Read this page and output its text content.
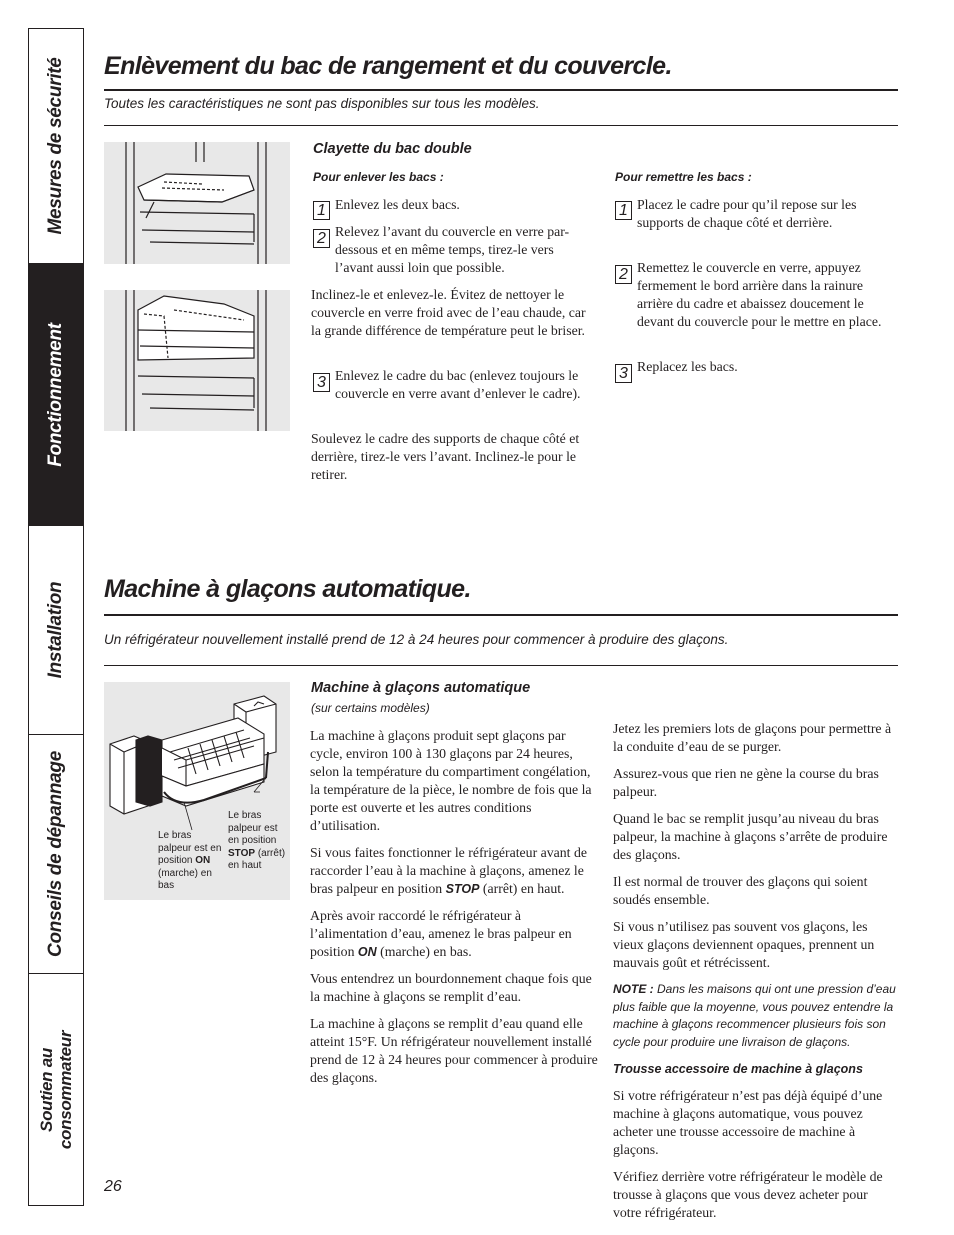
Mesures de sécurité
Fonctionnement
Installation
Conseils de dépannage
Soutien au
consommateur
Enlèvement du bac de rangement et du couvercle.
Toutes les caractéristiques ne sont pas disponibles sur tous les modèles.
Clayette du bac double
Pour enlever les bacs :
1 Enlevez les deux bacs.
2 Relevez l’avant du couvercle en verre par-dessous et en même temps, tirez-le vers l’avant aussi loin que possible.

Inclinez-le et enlevez-le. Évitez de nettoyer le couvercle en verre froid avec de l’eau chaude, car la grande différence de température peut le briser.

3 Enlevez le cadre du bac (enlevez toujours le couvercle en verre avant d’enlever le cadre).

Soulevez le cadre des supports de chaque côté et derrière, tirez-le vers l’avant. Inclinez-le pour le retirer.

Pour remettre les bacs :
1 Placez le cadre pour qu’il repose sur les supports de chaque côté et derrière.
2 Remettez le couvercle en verre, appuyez fermement le bord arrière dans la rainure arrière du cadre et abaissez doucement le devant du couvercle pour le mettre en place.
3 Replacez les bacs.
Machine à glaçons automatique.
Un réfrigérateur nouvellement installé prend de 12 à 24 heures pour commencer à produire des glaçons.
Le bras palpeur est en position ON (marche) en bas
Le bras palpeur est en position STOP (arrêt) en haut
Machine à glaçons automatique
(sur certains modèles)

La machine à glaçons produit sept glaçons par cycle, environ 100 à 130 glaçons par 24 heures, selon la température du compartiment congélation, la température de la pièce, le nombre de fois que la porte est ouverte et les autres conditions d’utilisation.

Si vous faites fonctionner le réfrigérateur avant de raccorder l’eau à la machine à glaçons, amenez le bras palpeur en position STOP (arrêt) en haut.

Après avoir raccordé le réfrigérateur à l’alimentation d’eau, amenez le bras palpeur en position ON (marche) en bas.

Vous entendrez un bourdonnement chaque fois que la machine à glaçons se remplit d’eau.

La machine à glaçons se remplit d’eau quand elle atteint 15°F. Un réfrigérateur nouvellement installé prend de 12 à 24 heures pour commencer à produire des glaçons.

Jetez les premiers lots de glaçons pour permettre à la conduite d’eau de se purger.

Assurez-vous que rien ne gène la course du bras palpeur.

Quand le bac se remplit jusqu’au niveau du bras palpeur, la machine à glaçons s’arrête de produire des glaçons.

Il est normal de trouver des glaçons qui soient soudés ensemble.

Si vous n’utilisez pas souvent vos glaçons, les vieux glaçons deviennent opaques, prennent un mauvais goût et rétrécissent.

NOTE : Dans les maisons qui ont une pression d’eau plus faible que la moyenne, vous pouvez entendre la machine à glaçons recommencer plusieurs fois son cycle pour produire une livraison de glaçons.

Trousse accessoire de machine à glaçons

Si votre réfrigérateur n’est pas déjà équipé d’une machine à glaçons automatique, vous pouvez acheter une trousse accessoire de machine à glaçons.

Vérifiez derrière votre réfrigérateur le modèle de trousse à glaçons que vous devez acheter pour votre réfrigérateur.

26
